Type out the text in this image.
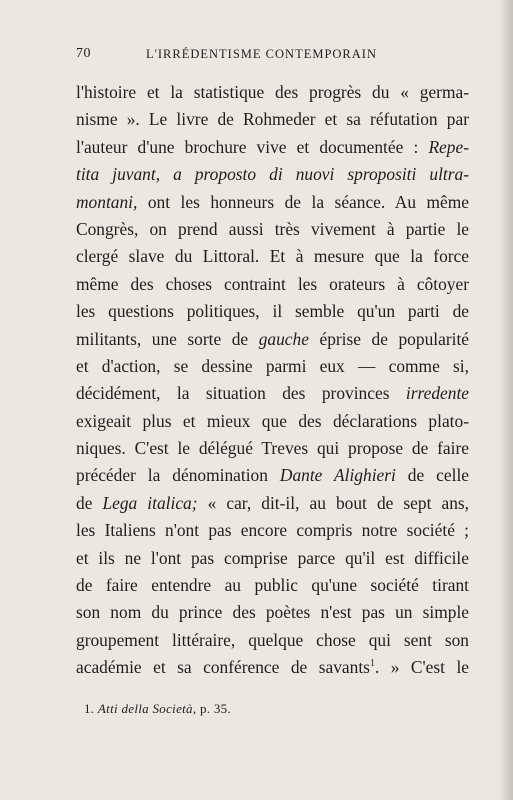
70	L'IRRÉDENTISME CONTEMPORAIN
l'histoire et la statistique des progrès du « germa-
nisme ». Le livre de Rohmeder et sa réfutation par
l'auteur d'une brochure vive et documentée : Repe-
tita juvant, a proposto di nuovi spropositi ultra-
montani, ont les honneurs de la séance. Au même
Congrès, on prend aussi très vivement à partie le
clergé slave du Littoral. Et à mesure que la force
même des choses contraint les orateurs à côtoyer
les questions politiques, il semble qu'un parti de
militants, une sorte de gauche éprise de popularité
et d'action, se dessine parmi eux — comme si,
décidément, la situation des provinces irredente
exigeait plus et mieux que des déclarations plato-
niques. C'est le délégué Treves qui propose de faire
précéder la dénomination Dante Alighieri de celle
de Lega italica; « car, dit-il, au bout de sept ans,
les Italiens n'ont pas encore compris notre société ;
et ils ne l'ont pas comprise parce qu'il est difficile
de faire entendre au public qu'une société tirant
son nom du prince des poètes n'est pas un simple
groupement littéraire, quelque chose qui sent son
académie et sa conférence de savants$^1$. » C'est le
1. Atti della Società, p. 35.
